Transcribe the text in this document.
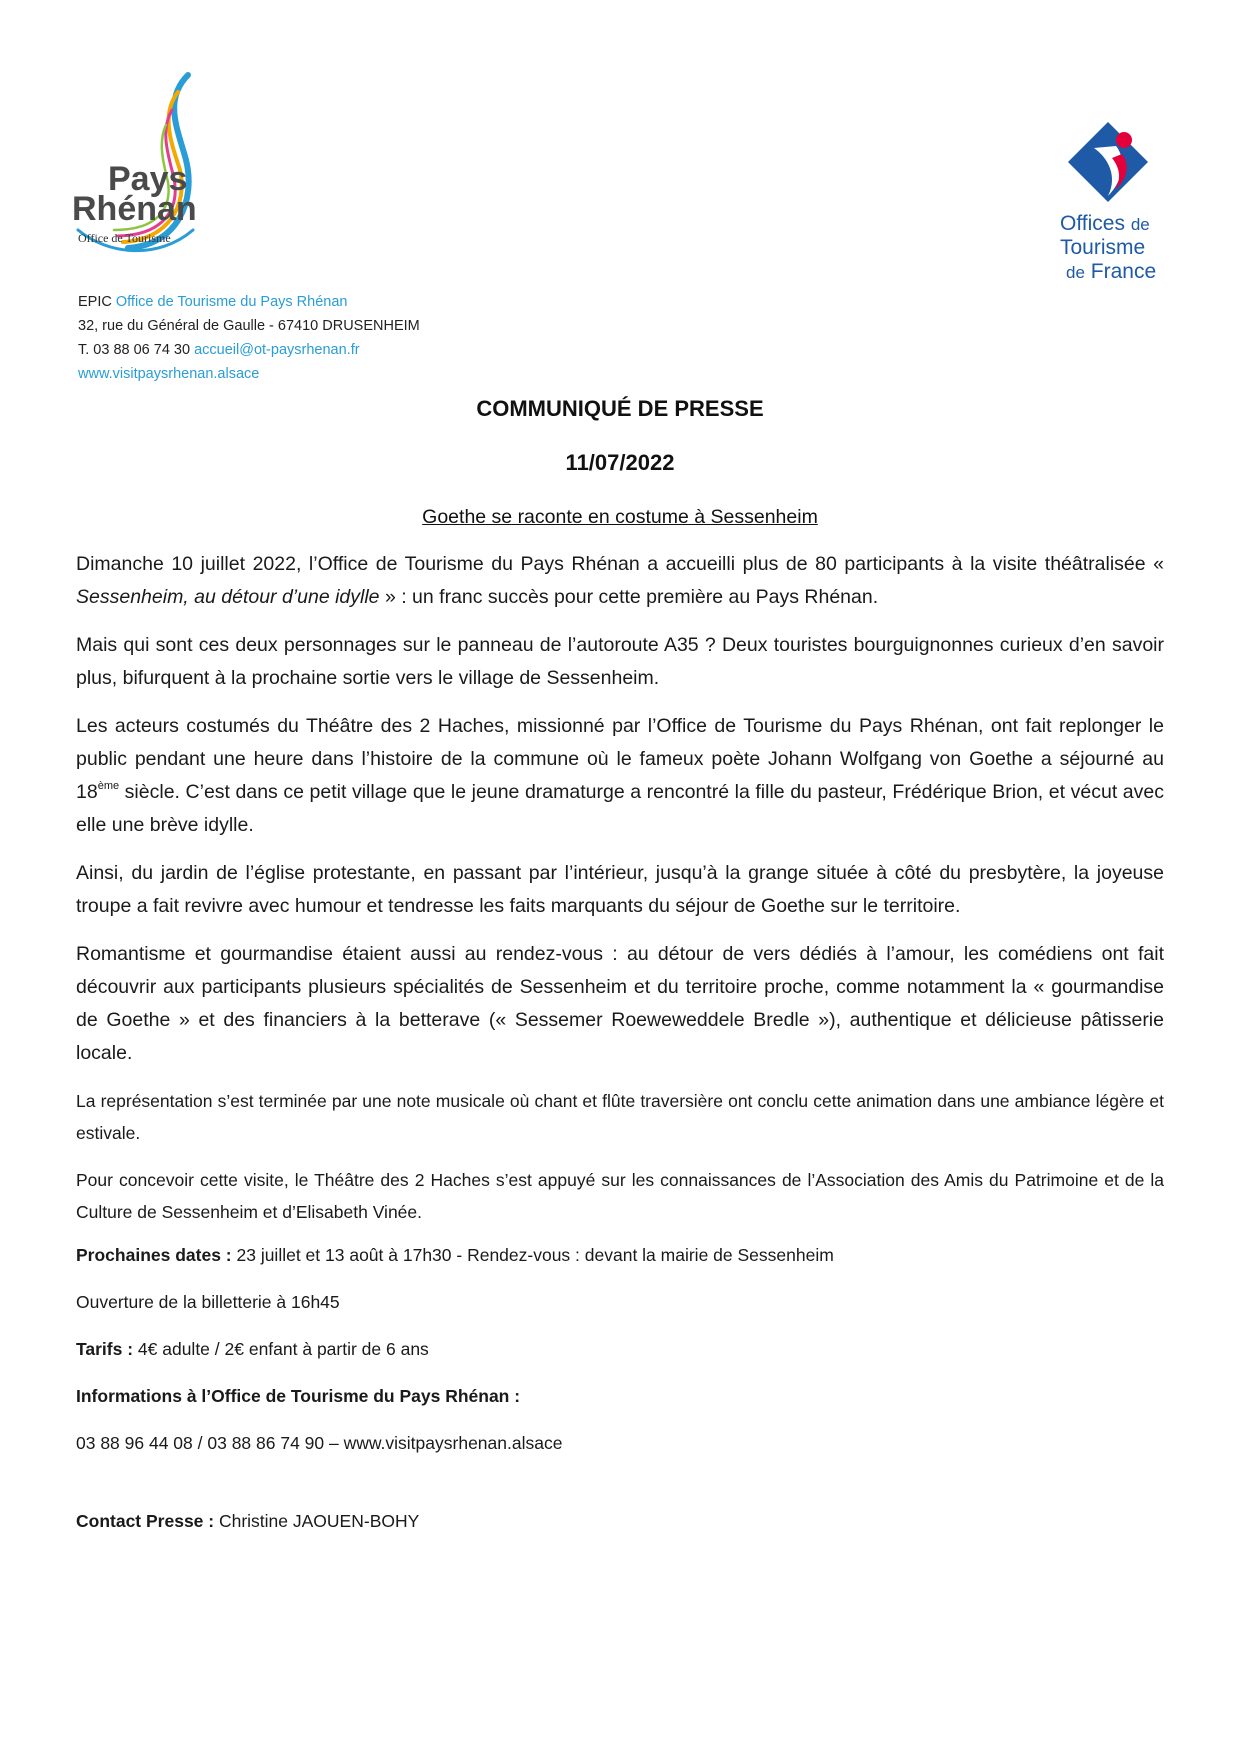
Pays
Rhénan
Office de Tourisme
Offices de
Tourisme
de France
EPIC Office de Tourisme du Pays Rhénan
32, rue du Général de Gaulle - 67410 DRUSENHEIM
T. 03 88 06 74 30 accueil@ot-paysrhenan.fr
www.visitpaysrhenan.alsace
COMMUNIQUÉ DE PRESSE
11/07/2022
Goethe se raconte en costume à Sessenheim

Dimanche 10 juillet 2022, l’Office de Tourisme du Pays Rhénan a accueilli plus de 80 participants à la visite théâtralisée « Sessenheim, au détour d’une idylle » : un franc succès pour cette première au Pays Rhénan.

Mais qui sont ces deux personnages sur le panneau de l’autoroute A35 ? Deux touristes bourguignonnes curieux d’en savoir plus, bifurquent à la prochaine sortie vers le village de Sessenheim.

Les acteurs costumés du Théâtre des 2 Haches, missionné par l’Office de Tourisme du Pays Rhénan, ont fait replonger le public pendant une heure dans l’histoire de la commune où le fameux poète Johann Wolfgang von Goethe a séjourné au 18ème siècle. C’est dans ce petit village que le jeune dramaturge a rencontré la fille du pasteur, Frédérique Brion, et vécut avec elle une brève idylle.

Ainsi, du jardin de l’église protestante, en passant par l’intérieur, jusqu’à la grange située à côté du presbytère, la joyeuse troupe a fait revivre avec humour et tendresse les faits marquants du séjour de Goethe sur le territoire.

Romantisme et gourmandise étaient aussi au rendez-vous : au détour de vers dédiés à l’amour, les comédiens ont fait découvrir aux participants plusieurs spécialités de Sessenheim et du territoire proche, comme notamment la « gourmandise de Goethe » et des financiers à la betterave (« Sessemer Roeweweddele Bredle »), authentique et délicieuse pâtisserie locale.

La représentation s’est terminée par une note musicale où chant et flûte traversière ont conclu cette animation dans une ambiance légère et estivale.

Pour concevoir cette visite, le Théâtre des 2 Haches s’est appuyé sur les connaissances de l’Association des Amis du Patrimoine et de la Culture de Sessenheim et d’Elisabeth Vinée.

Prochaines dates : 23 juillet et 13 août à 17h30 - Rendez-vous : devant la mairie de Sessenheim

Ouverture de la billetterie à 16h45

Tarifs : 4€ adulte / 2€ enfant à partir de 6 ans

Informations à l’Office de Tourisme du Pays Rhénan :

03 88 96 44 08 / 03 88 86 74 90 – www.visitpaysrhenan.alsace

Contact Presse : Christine JAOUEN-BOHY
